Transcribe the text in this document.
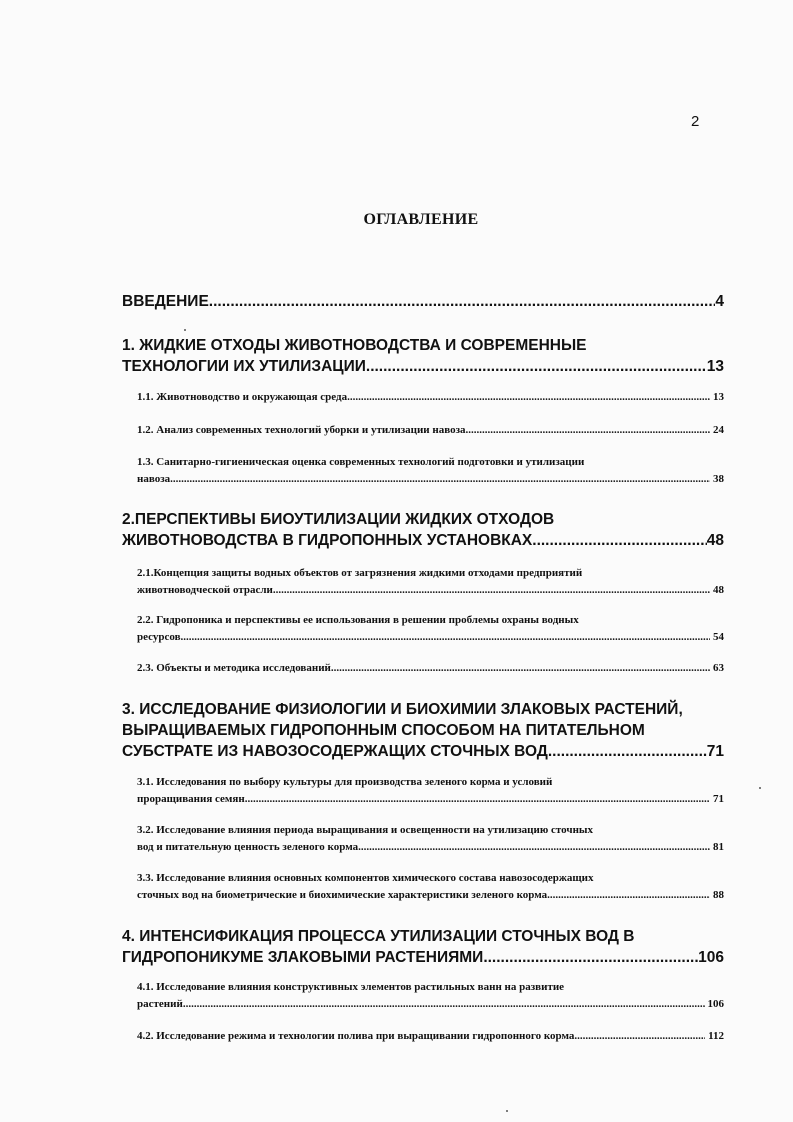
2
ОГЛАВЛЕНИЕ
ВВЕДЕНИЕ .....	4
1. ЖИДКИЕ ОТХОДЫ ЖИВОТНОВОДСТВА И СОВРЕМЕННЫЕ
ТЕХНОЛОГИИ ИХ УТИЛИЗАЦИИ .....	13
1.1. Животноводство и окружающая среда .....	13
1.2. Анализ современных технологий уборки и утилизации навоза. .....	24
1.3. Санитарно-гигиеническая оценка современных технологий подготовки и утилизации
навоза .....	38
2.ПЕРСПЕКТИВЫ БИОУТИЛИЗАЦИИ ЖИДКИХ ОТХОДОВ
ЖИВОТНОВОДСТВА В ГИДРОПОННЫХ УСТАНОВКАХ .....	48
2.1.Концепция защиты водных объектов от загрязнения жидкими отходами предприятий
животноводческой отрасли .....	48
2.2. Гидропоника и перспективы ее использования в решении проблемы охраны водных
ресурсов .....	54
2.3. Объекты и методика исследований .....	63
3. ИССЛЕДОВАНИЕ ФИЗИОЛОГИИ И БИОХИМИИ ЗЛАКОВЫХ РАСТЕНИЙ,
ВЫРАЩИВАЕМЫХ ГИДРОПОННЫМ СПОСОБОМ НА ПИТАТЕЛЬНОМ
СУБСТРАТЕ ИЗ НАВОЗОСОДЕРЖАЩИХ СТОЧНЫХ ВОД .....	71
3.1. Исследования по выбору культуры для производства зеленого корма и условий
проращивания семян .....	71
3.2. Исследование влияния периода выращивания и освещенности на утилизацию сточных
вод и питательную ценность зеленого корма .....	81
3.3. Исследование влияния основных компонентов химического состава навозосодержащих
сточных вод на биометрические и биохимические характеристики зеленого корма .....	88
4. ИНТЕНСИФИКАЦИЯ ПРОЦЕССА УТИЛИЗАЦИИ СТОЧНЫХ ВОД В
ГИДРОПОНИКУМЕ ЗЛАКОВЫМИ РАСТЕНИЯМИ .....	106
4.1. Исследование влияния конструктивных элементов растильных ванн на развитие
растений .....	106
4.2. Исследование режима и технологии полива при выращивании гидропонного корма. .....	112
